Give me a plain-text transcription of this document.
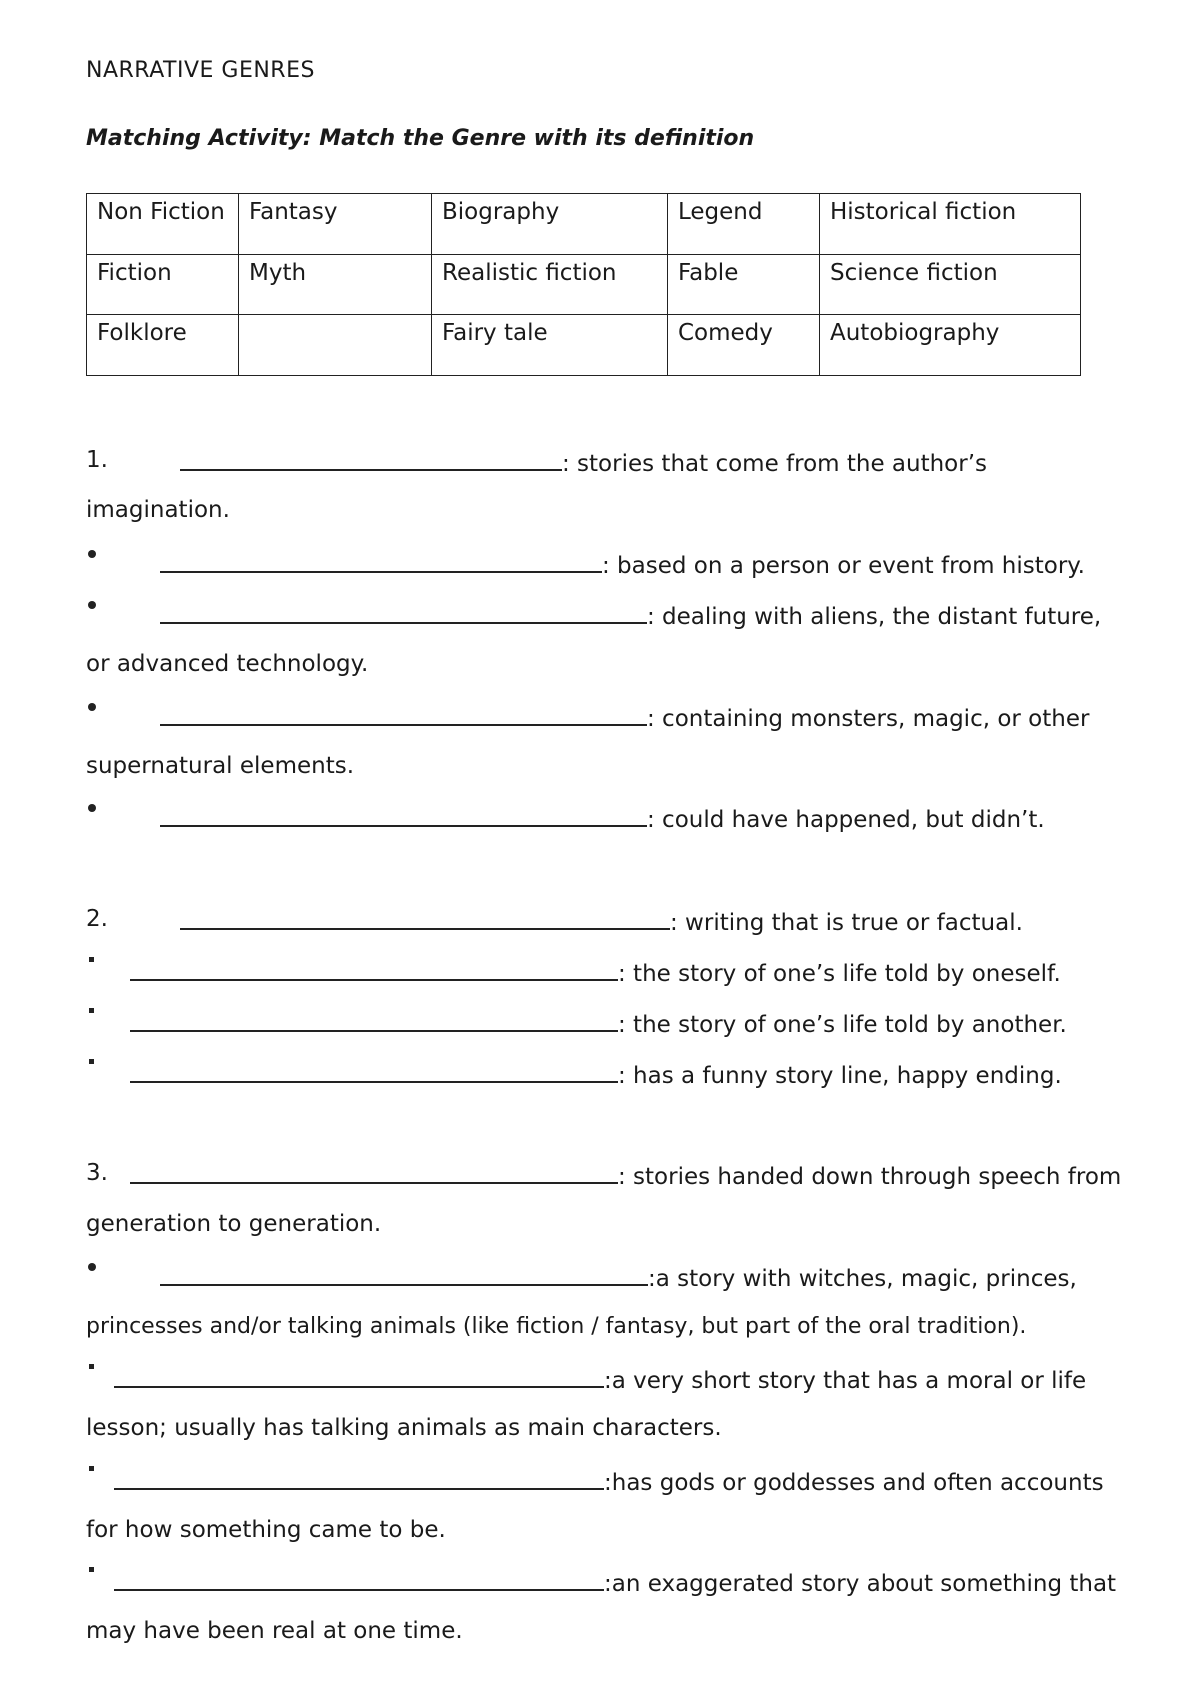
NARRATIVE GENRES
Matching Activity: Match the Genre with its definition
Non Fiction	Fantasy	Biography	Legend	Historical fiction
Fiction	Myth	Realistic fiction	Fable	Science fiction
Folklore		Fairy tale	Comedy	Autobiography
1.	: stories that come from the author’s
imagination.
: based on a person or event from history.
: dealing with aliens, the distant future,
or advanced technology.
: containing monsters, magic, or other
supernatural elements.
: could have happened, but didn’t.
2.	: writing that is true or factual.
: the story of one’s life told by oneself.
: the story of one’s life told by another.
: has a funny story line, happy ending.
3.	: stories handed down through speech from
generation to generation.
:a story with witches, magic, princes,
princesses and/or talking animals (like fiction / fantasy, but part of the oral tradition).
:a very short story that has a moral or life
lesson; usually has talking animals as main characters.
:has gods or goddesses and often accounts
for how something came to be.
:an exaggerated story about something that
may have been real at one time.
